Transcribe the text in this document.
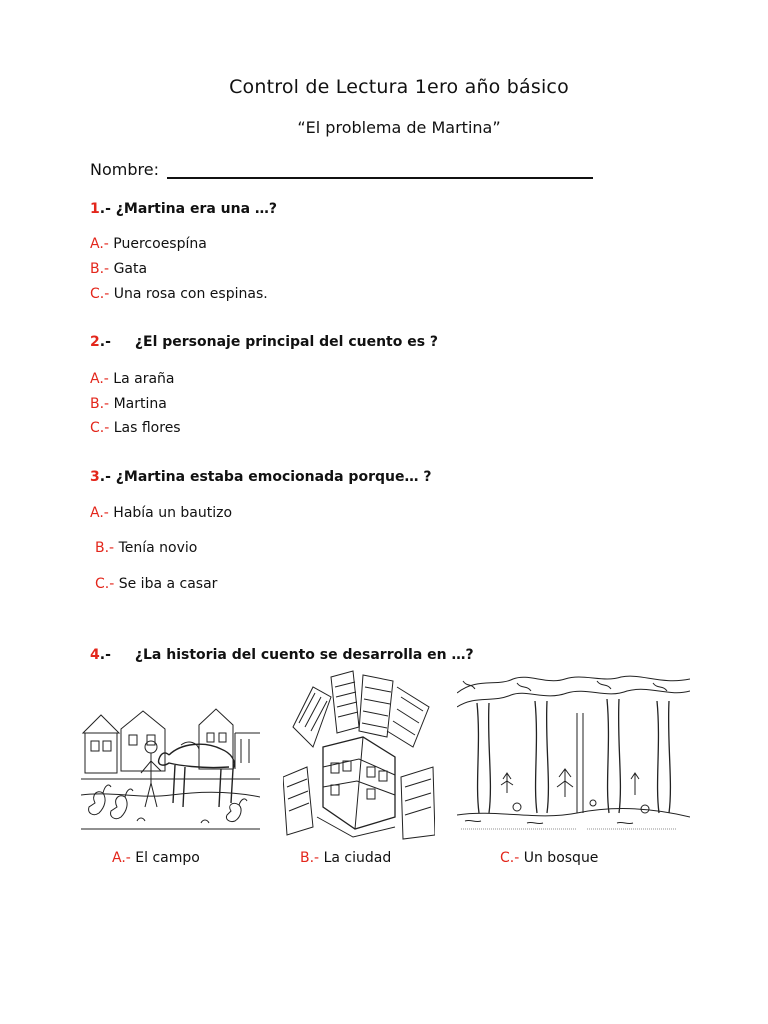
Control de Lectura 1ero año básico
“El problema de Martina”
Nombre:
1.- ¿Martina era una …?
A.- Puercoespína
B.- Gata
C.- Una rosa con espinas.
2.- ¿El personaje principal del cuento es ?
A.- La araña
B.- Martina
C.- Las flores
3.- ¿Martina estaba emocionada porque… ?
A.- Había un bautizo
B.- Tenía novio
C.- Se iba a casar
4.- ¿La historia del cuento se desarrolla en …?
A.- El campo	B.- La ciudad	C.- Un bosque
